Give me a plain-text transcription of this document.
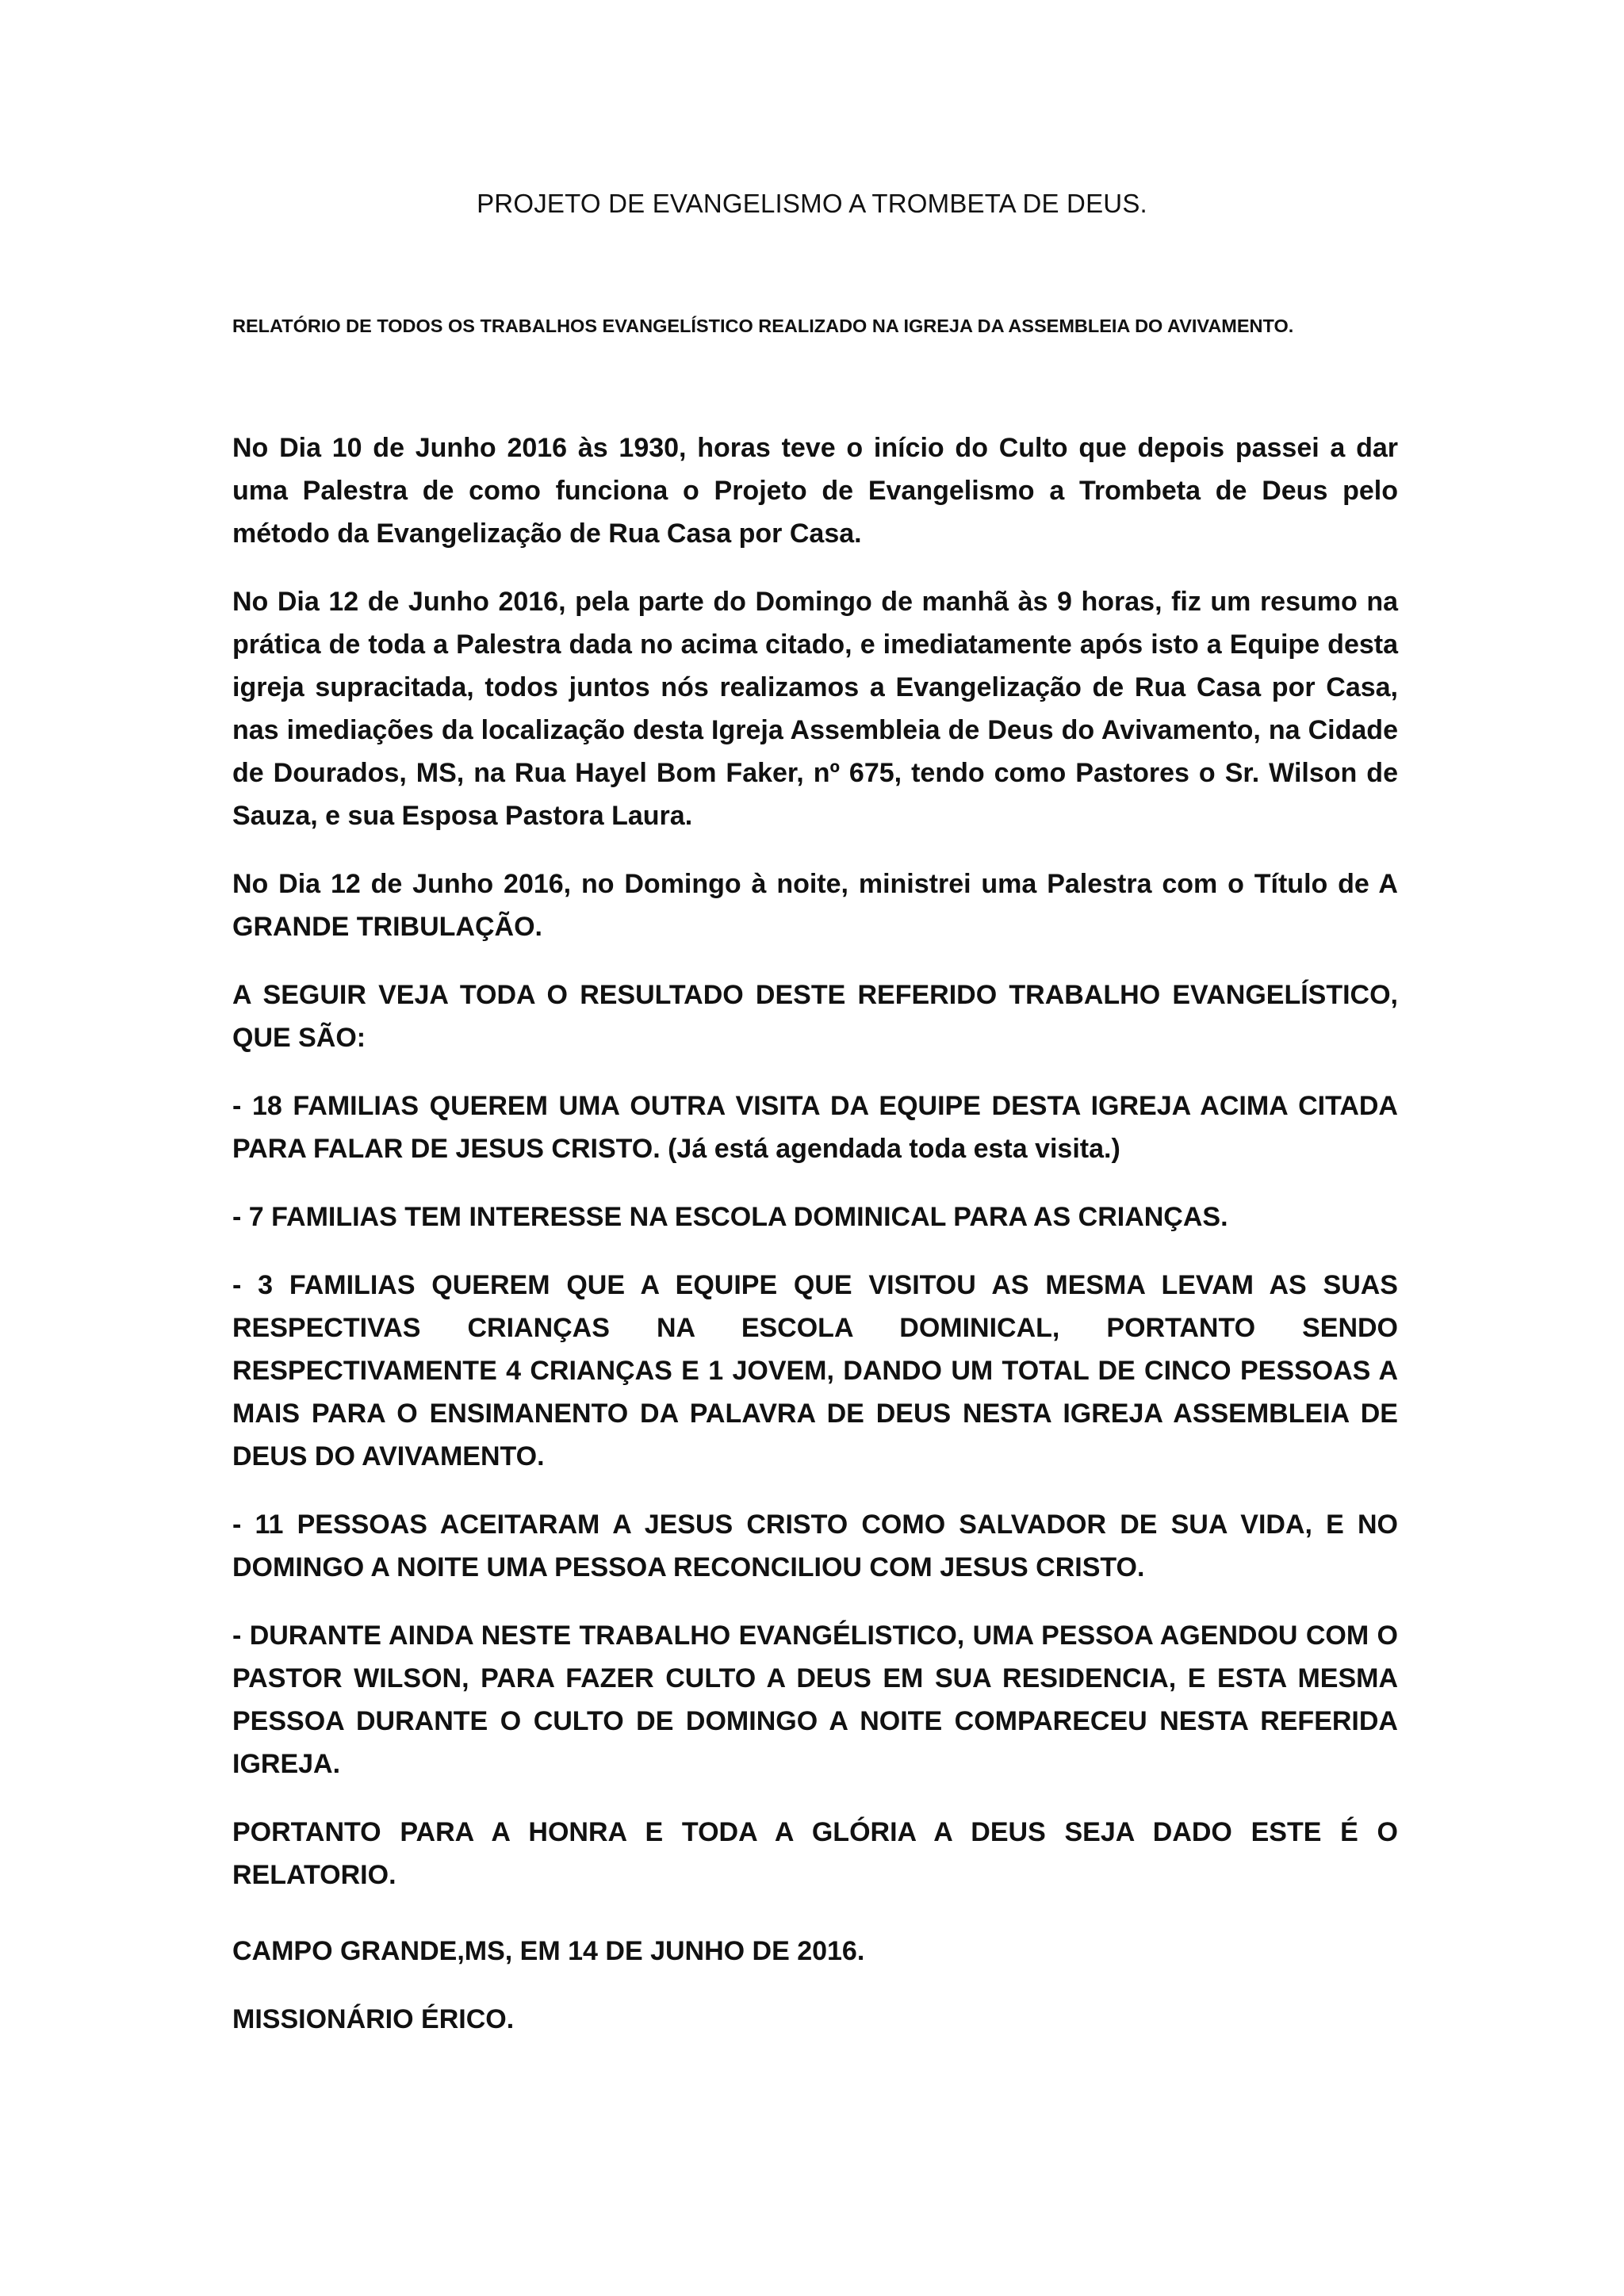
PROJETO DE EVANGELISMO A TROMBETA DE DEUS.
RELATÓRIO DE TODOS OS TRABALHOS EVANGELÍSTICO REALIZADO NA IGREJA DA ASSEMBLEIA DO AVIVAMENTO.

No Dia 10 de Junho 2016 às 1930, horas teve o início do Culto que depois passei a dar uma Palestra de como funciona o Projeto de Evangelismo a Trombeta de Deus pelo método da Evangelização de Rua Casa por Casa.

No Dia 12 de Junho 2016, pela parte do Domingo de manhã às 9 horas, fiz um resumo na prática de toda a Palestra dada no acima citado, e imediatamente após isto a Equipe desta igreja supracitada, todos juntos nós realizamos a Evangelização de Rua Casa por Casa, nas imediações da localização desta Igreja Assembleia de Deus do Avivamento, na Cidade de Dourados, MS, na Rua Hayel Bom Faker, nº 675, tendo como Pastores o Sr. Wilson de Sauza, e sua Esposa Pastora Laura.

No Dia 12 de Junho 2016, no Domingo à noite, ministrei uma Palestra com o Título de A GRANDE TRIBULAÇÃO.

A SEGUIR VEJA TODA O RESULTADO DESTE REFERIDO TRABALHO EVANGELÍSTICO, QUE SÃO:

- 18 FAMILIAS QUEREM UMA OUTRA VISITA DA EQUIPE DESTA IGREJA ACIMA CITADA PARA FALAR DE JESUS CRISTO. (Já está agendada toda esta visita.)

- 7 FAMILIAS TEM INTERESSE NA ESCOLA DOMINICAL PARA AS CRIANÇAS.

- 3 FAMILIAS QUEREM QUE A EQUIPE QUE VISITOU AS MESMA LEVAM AS SUAS RESPECTIVAS CRIANÇAS NA ESCOLA DOMINICAL, PORTANTO SENDO RESPECTIVAMENTE 4 CRIANÇAS E 1 JOVEM, DANDO UM TOTAL DE CINCO PESSOAS A MAIS PARA O ENSIMANENTO DA PALAVRA DE DEUS NESTA IGREJA ASSEMBLEIA DE DEUS DO AVIVAMENTO.

- 11 PESSOAS ACEITARAM A JESUS CRISTO COMO SALVADOR DE SUA VIDA, E NO DOMINGO A NOITE UMA PESSOA RECONCILIOU COM JESUS CRISTO.

- DURANTE AINDA NESTE TRABALHO EVANGÉLISTICO, UMA PESSOA AGENDOU COM O PASTOR WILSON, PARA FAZER CULTO A DEUS EM SUA RESIDENCIA, E ESTA MESMA PESSOA DURANTE O CULTO DE DOMINGO A NOITE COMPARECEU NESTA REFERIDA IGREJA.

PORTANTO PARA A HONRA E TODA A GLÓRIA A DEUS SEJA DADO ESTE É O RELATORIO.

CAMPO GRANDE,MS, EM 14 DE JUNHO DE 2016.

MISSIONÁRIO ÉRICO.
